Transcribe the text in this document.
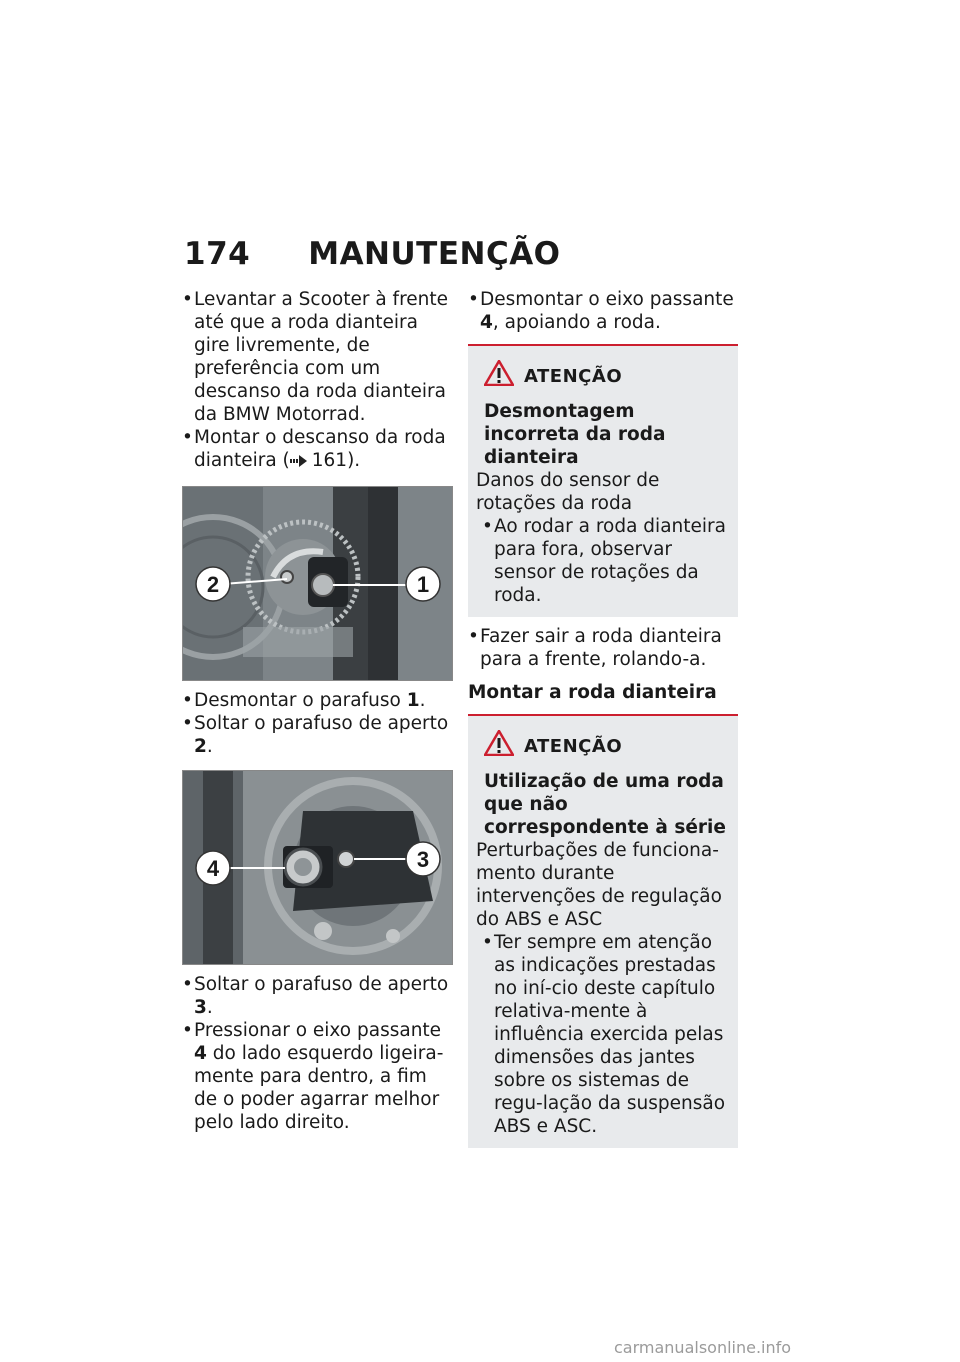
174 MANUTENÇÃO

• Levantar a Scooter à frente até que a roda dianteira gire livremente, de preferência com um descanso da roda dianteira da BMW Motorrad.

• Montar o descanso da roda dianteira ( 161).

2	1

• Desmontar o parafuso 1.

• Soltar o parafuso de aperto 2.

4	3

• Soltar o parafuso de aperto 3.

• Pressionar o eixo passante 4 do lado esquerdo ligeira-mente para dentro, a fim de o poder agarrar melhor pelo lado direito.

• Desmontar o eixo passante 4, apoiando a roda.

ATENÇÃO
Desmontagem incorreta da roda dianteira

Danos do sensor de rotações da roda

• Ao rodar a roda dianteira para fora, observar sensor de rotações da roda.

• Fazer sair a roda dianteira para a frente, rolando-a.

Montar a roda dianteira
ATENÇÃO
Utilização de uma roda que não correspondente à série

Perturbações de funciona-mento durante intervenções de regulação do ABS e ASC

• Ter sempre em atenção as indicações prestadas no iní-cio deste capítulo relativa-mente à influência exercida pelas dimensões das jantes sobre os sistemas de regu-lação da suspensão ABS e ASC.

carmanualsonline.info
